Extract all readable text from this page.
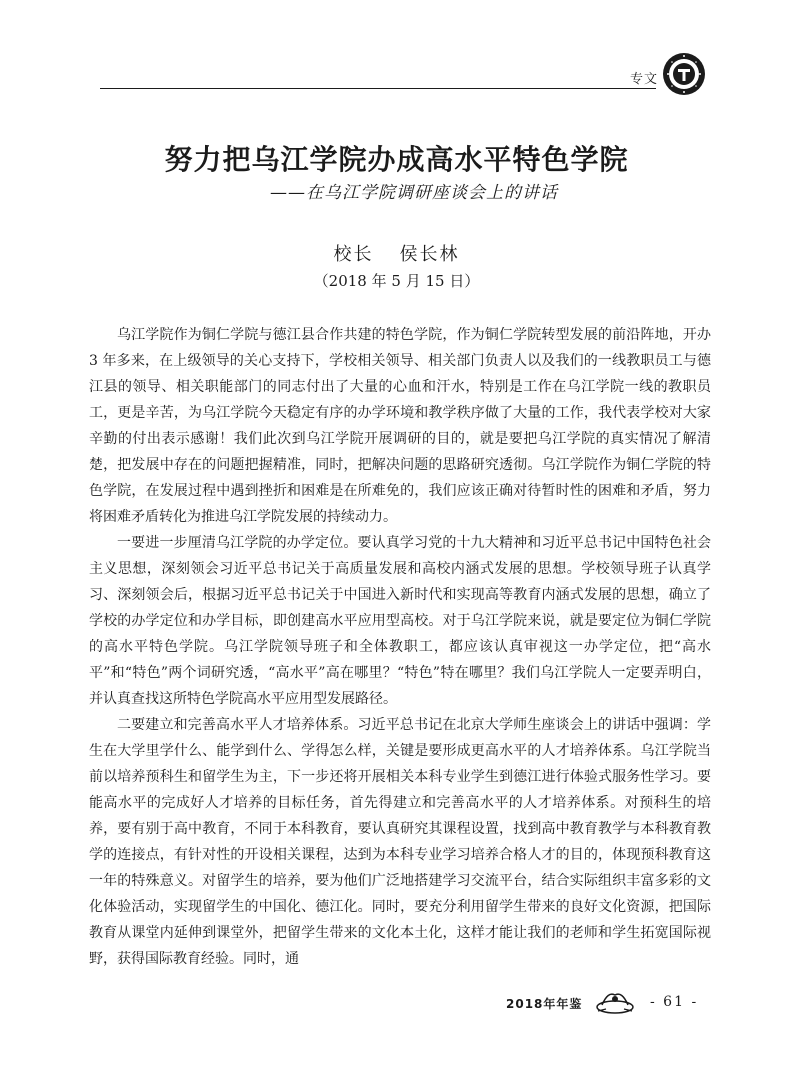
专文
努力把乌江学院办成高水平特色学院
——在乌江学院调研座谈会上的讲话
校长 侯长林
（2018 年 5 月 15 日）

乌江学院作为铜仁学院与德江县合作共建的特色学院，作为铜仁学院转型发展的前沿阵地，开办 3 年多来，在上级领导的关心支持下，学校相关领导、相关部门负责人以及我们的一线教职员工与德江县的领导、相关职能部门的同志付出了大量的心血和汗水，特别是工作在乌江学院一线的教职员工，更是辛苦，为乌江学院今天稳定有序的办学环境和教学秩序做了大量的工作，我代表学校对大家辛勤的付出表示感谢！我们此次到乌江学院开展调研的目的，就是要把乌江学院的真实情况了解清楚，把发展中存在的问题把握精准，同时，把解决问题的思路研究透彻。乌江学院作为铜仁学院的特色学院，在发展过程中遇到挫折和困难是在所难免的，我们应该正确对待暂时性的困难和矛盾，努力将困难矛盾转化为推进乌江学院发展的持续动力。

一要进一步厘清乌江学院的办学定位。要认真学习党的十九大精神和习近平总书记中国特色社会主义思想，深刻领会习近平总书记关于高质量发展和高校内涵式发展的思想。学校领导班子认真学习、深刻领会后，根据习近平总书记关于中国进入新时代和实现高等教育内涵式发展的思想，确立了学校的办学定位和办学目标，即创建高水平应用型高校。对于乌江学院来说，就是要定位为铜仁学院的高水平特色学院。乌江学院领导班子和全体教职工，都应该认真审视这一办学定位，把“高水平”和“特色”两个词研究透，“高水平”高在哪里？“特色”特在哪里？我们乌江学院人一定要弄明白，并认真查找这所特色学院高水平应用型发展路径。

二要建立和完善高水平人才培养体系。习近平总书记在北京大学师生座谈会上的讲话中强调：学生在大学里学什么、能学到什么、学得怎么样，关键是要形成更高水平的人才培养体系。乌江学院当前以培养预科生和留学生为主，下一步还将开展相关本科专业学生到德江进行体验式服务性学习。要能高水平的完成好人才培养的目标任务，首先得建立和完善高水平的人才培养体系。对预科生的培养，要有别于高中教育，不同于本科教育，要认真研究其课程设置，找到高中教育教学与本科教育教学的连接点，有针对性的开设相关课程，达到为本科专业学习培养合格人才的目的，体现预科教育这一年的特殊意义。对留学生的培养，要为他们广泛地搭建学习交流平台，结合实际组织丰富多彩的文化体验活动，实现留学生的中国化、德江化。同时，要充分利用留学生带来的良好文化资源，把国际教育从课堂内延伸到课堂外，把留学生带来的文化本土化，这样才能让我们的老师和学生拓宽国际视野，获得国际教育经验。同时，通

2018年年鉴	- 61 -
